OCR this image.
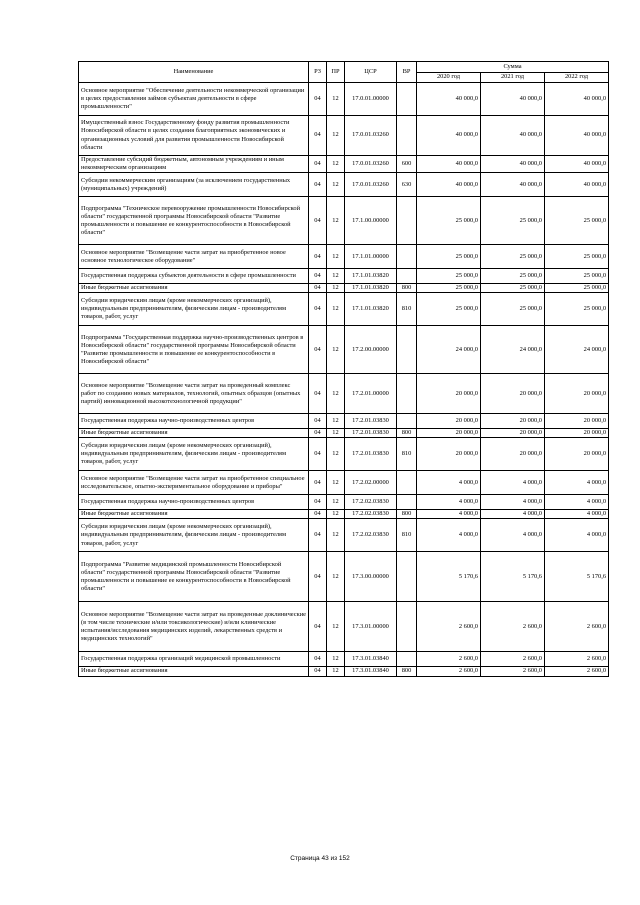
Наименование	РЗ	ПР	ЦСР	ВР	Сумма		
					2020 год	2021 год	2022 год
Основное мероприятие "Обеспечение деятельности некоммерческой организации в целях предоставления займов субъектам деятельности в сфере промышленности"	04	12	17.0.01.00000		40 000,0	40 000,0	40 000,0
Имущественный взнос Государственному фонду развития промышленности Новосибирской области в целях создания благоприятных экономических и организационных условий для развития промышленности Новосибирской области	04	12	17.0.01.03260		40 000,0	40 000,0	40 000,0
Предоставление субсидий бюджетным, автономным учреждениям и иным некоммерческим организациям	04	12	17.0.01.03260	600	40 000,0	40 000,0	40 000,0
Субсидии некоммерческим организациям (за исключением государственных (муниципальных) учреждений)	04	12	17.0.01.03260	630	40 000,0	40 000,0	40 000,0
Подпрограмма "Техническое перевооружение промышленности Новосибирской области" государственной программы Новосибирской области "Развитие промышленности и повышение ее конкурентоспособности в Новосибирской области"	04	12	17.1.00.00000		25 000,0	25 000,0	25 000,0
Основное мероприятие "Возмещение части затрат на приобретенное новое основное технологическое оборудование"	04	12	17.1.01.00000		25 000,0	25 000,0	25 000,0
Государственная поддержка субъектов деятельности в сфере промышленности	04	12	17.1.01.03820		25 000,0	25 000,0	25 000,0
Иные бюджетные ассигнования	04	12	17.1.01.03820	800	25 000,0	25 000,0	25 000,0
Субсидии юридическим лицам (кроме некоммерческих организаций), индивидуальным предпринимателям, физическим лицам - производителям товаров, работ, услуг	04	12	17.1.01.03820	810	25 000,0	25 000,0	25 000,0
Подпрограмма "Государственная поддержка научно-производственных центров в Новосибирской области" государственной программы Новосибирской области "Развитие промышленности и повышение ее конкурентоспособности в Новосибирской области"	04	12	17.2.00.00000		24 000,0	24 000,0	24 000,0
Основное мероприятие "Возмещение части затрат на проведенный комплекс работ по созданию новых материалов, технологий, опытных образцов (опытных партий) инновационной высокотехнологичной продукции"	04	12	17.2.01.00000		20 000,0	20 000,0	20 000,0
Государственная поддержка научно-производственных центров	04	12	17.2.01.03830		20 000,0	20 000,0	20 000,0
Иные бюджетные ассигнования	04	12	17.2.01.03830	800	20 000,0	20 000,0	20 000,0
Субсидии юридическим лицам (кроме некоммерческих организаций), индивидуальным предпринимателям, физическим лицам - производителям товаров, работ, услуг	04	12	17.2.01.03830	810	20 000,0	20 000,0	20 000,0
Основное мероприятие "Возмещение части затрат на приобретенное специальное исследовательское, опытно-экспериментальное оборудование и приборы"	04	12	17.2.02.00000		4 000,0	4 000,0	4 000,0
Государственная поддержка научно-производственных центров	04	12	17.2.02.03830		4 000,0	4 000,0	4 000,0
Иные бюджетные ассигнования	04	12	17.2.02.03830	800	4 000,0	4 000,0	4 000,0
Субсидии юридическим лицам (кроме некоммерческих организаций), индивидуальным предпринимателям, физическим лицам - производителям товаров, работ, услуг	04	12	17.2.02.03830	810	4 000,0	4 000,0	4 000,0
Подпрограмма "Развитие медицинской промышленности Новосибирской области" государственной программы Новосибирской области "Развитие промышленности и повышение ее конкурентоспособности в Новосибирской области"	04	12	17.3.00.00000		5 170,6	5 170,6	5 170,6
Основное мероприятие "Возмещение части затрат на проведенные доклинические (в том числе технические и/или токсикологические) и/или клинические испытания/исследования медицинских изделий, лекарственных средств и медицинских технологий"	04	12	17.3.01.00000		2 600,0	2 600,0	2 600,0
Государственная поддержка организаций медицинской промышленности	04	12	17.3.01.03840		2 600,0	2 600,0	2 600,0
Иные бюджетные ассигнования	04	12	17.3.01.03840	800	2 600,0	2 600,0	2 600,0
Страница 43 из 152
